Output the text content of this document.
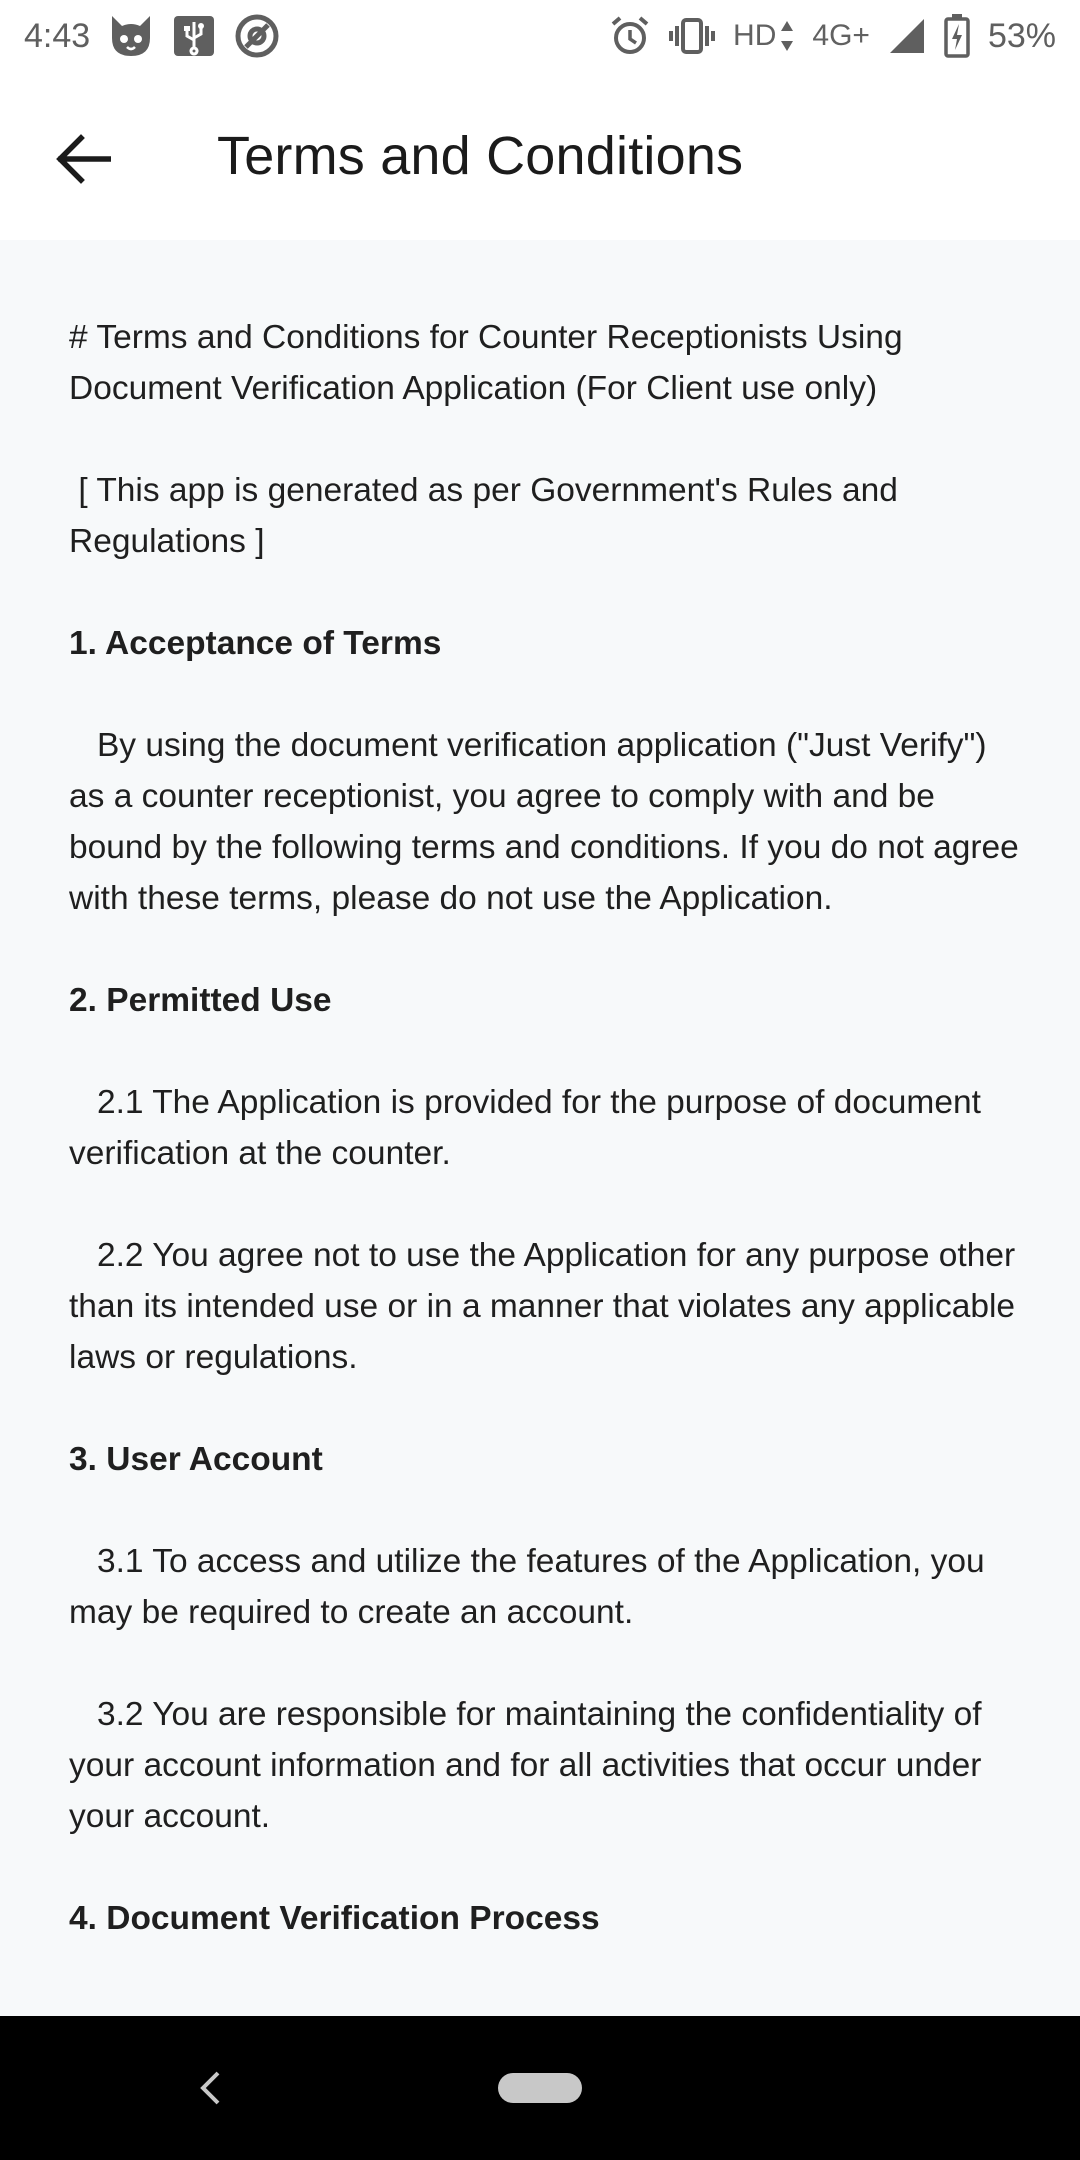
4:43	HD 4G+	53%
Terms and Conditions

# Terms and Conditions for Counter Receptionists Using Document Verification Application (For Client use only)

[ This app is generated as per Government's Rules and Regulations ]

1. Acceptance of Terms

By using the document verification application ("Just Verify") as a counter receptionist, you agree to comply with and be bound by the following terms and conditions. If you do not agree with these terms, please do not use the Application.

2. Permitted Use

2.1 The Application is provided for the purpose of document verification at the counter.

2.2 You agree not to use the Application for any purpose other than its intended use or in a manner that violates any applicable laws or regulations.

3. User Account

3.1 To access and utilize the features of the Application, you may be required to create an account.

3.2 You are responsible for maintaining the confidentiality of your account information and for all activities that occur under your account.

4. Document Verification Process
